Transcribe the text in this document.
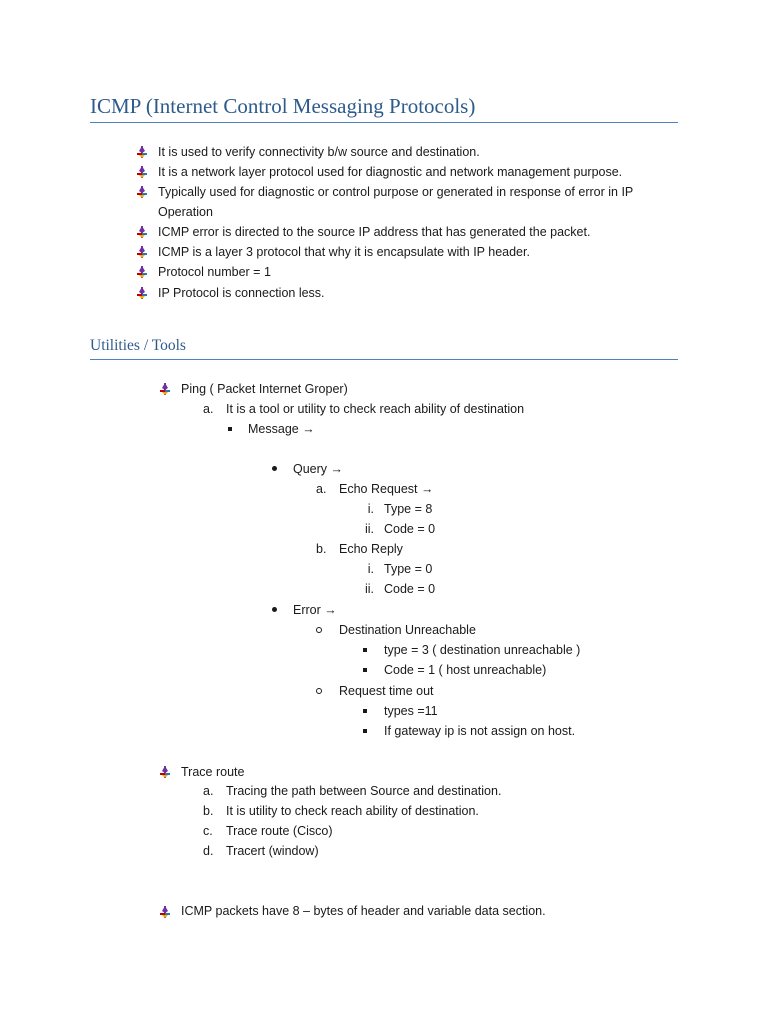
ICMP (Internet Control Messaging Protocols)
It is used to verify connectivity b/w source and destination.
It is a network layer protocol used for diagnostic and network management purpose.
Typically used for diagnostic or control purpose or generated in response of error in IP
Operation
ICMP error is directed to the source IP address that has generated the packet.
ICMP is a layer 3 protocol that why it is encapsulate with IP header.
Protocol number = 1
IP Protocol is connection less.
Utilities / Tools
Ping ( Packet Internet Groper)
a. It is a tool or utility to check reach ability of destination
Message →
Query →
a. Echo Request →
i. Type = 8
ii. Code = 0
b. Echo Reply
i. Type = 0
ii. Code = 0
Error →
Destination Unreachable
type = 3 ( destination unreachable )
Code = 1 ( host unreachable)
Request time out
types =11
If gateway ip is not assign on host.
Trace route
a. Tracing the path between Source and destination.
b. It is utility to check reach ability of destination.
c. Trace route (Cisco)
d. Tracert (window)
ICMP packets have 8 – bytes of header and variable data section.
